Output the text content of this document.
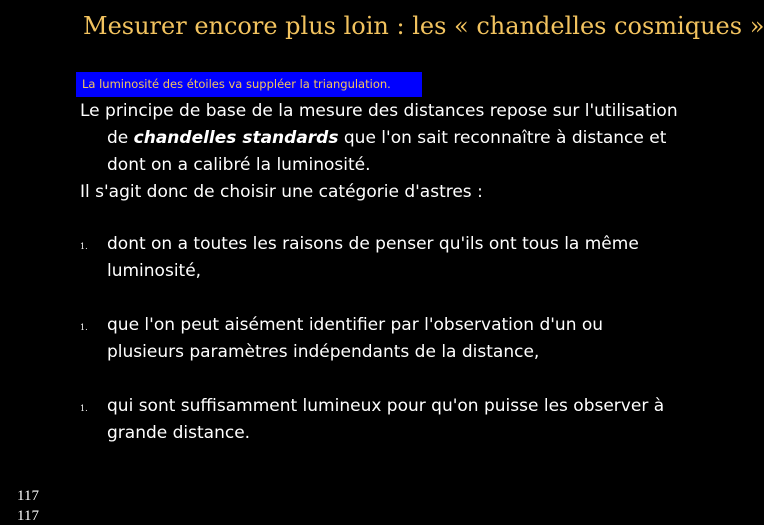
Mesurer encore plus loin : les « chandelles cosmiques »
La luminosité des étoiles va suppléer la triangulation.

Le principe de base de la mesure des distances repose sur l'utilisation de chandelles standards que l'on sait reconnaître à distance et dont on a calibré la luminosité.

Il s'agit donc de choisir une catégorie d'astres :

1. dont on a toutes les raisons de penser qu'ils ont tous la même luminosité,
1. que l'on peut aisément identifier par l'observation d'un ou plusieurs paramètres indépendants de la distance,
1. qui sont suffisamment lumineux pour qu'on puisse les observer à grande distance.
117
117
